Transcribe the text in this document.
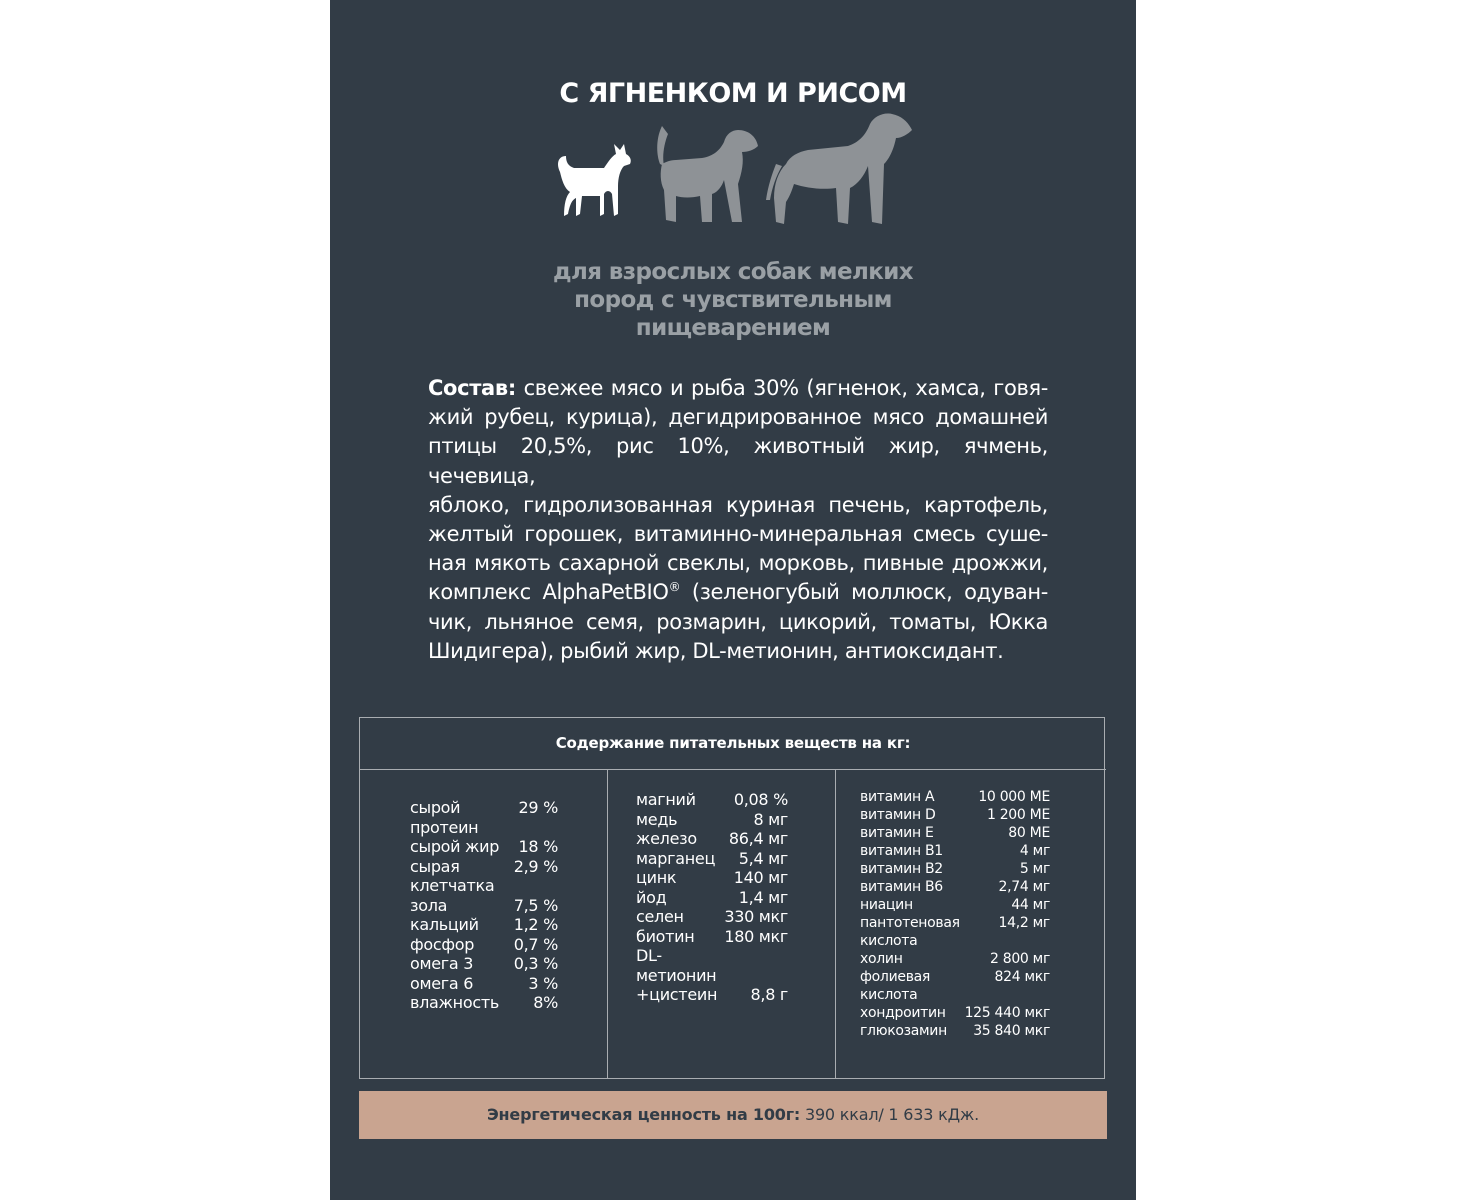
С ЯГНЕНКОМ И РИСОМ
для взрослых собак мелких
пород с чувствительным
пищеварением
Состав: свежее мясо и рыба 30% (ягненок, хамса, говя-
жий рубец, курица), дегидрированное мясо домашней
птицы 20,5%, рис 10%, животный жир, ячмень, чечевица,
яблоко, гидролизованная куриная печень, картофель,
желтый горошек, витаминно-минеральная смесь суше-
ная мякоть сахарной свеклы, морковь, пивные дрожжи,
комплекс AlphaPetBIO® (зеленогубый моллюск, одуван-
чик, льняное семя, розмарин, цикорий, томаты, Юкка
Шидигера), рыбий жир, DL-метионин, антиоксидант.
Содержание питательных веществ на кг:
сырой протеин
29 %
сырой жир	18 %
сырая клетчатка
2,9 %
зола	7,5 %
кальций	1,2 %
фосфор	0,7 %
омега 3	0,3 %
омега 6	3 %
влажность	8%
магний	0,08 %
медь	8 мг
железо	86,4 мг
марганец	5,4 мг
цинк	140 мг
йод	1,4 мг
селен	330 мкг
биотин	180 мкг
DL-метионин
+цистеин	8,8 г
витамин A	10 000 МЕ
витамин D	1 200 МЕ
витамин E	80 МЕ
витамин B1	4 мг
витамин B2	5 мг
витамин B6	2,74 мг
ниацин	44 мг
пантотеновая кислота
14,2 мг
холин	2 800 мг
фолиевая кислота
824 мкг
хондроитин	125 440 мкг
глюкозамин	35 840 мкг
Энергетическая ценность на 100г: 390 ккал/ 1 633 кДж.
